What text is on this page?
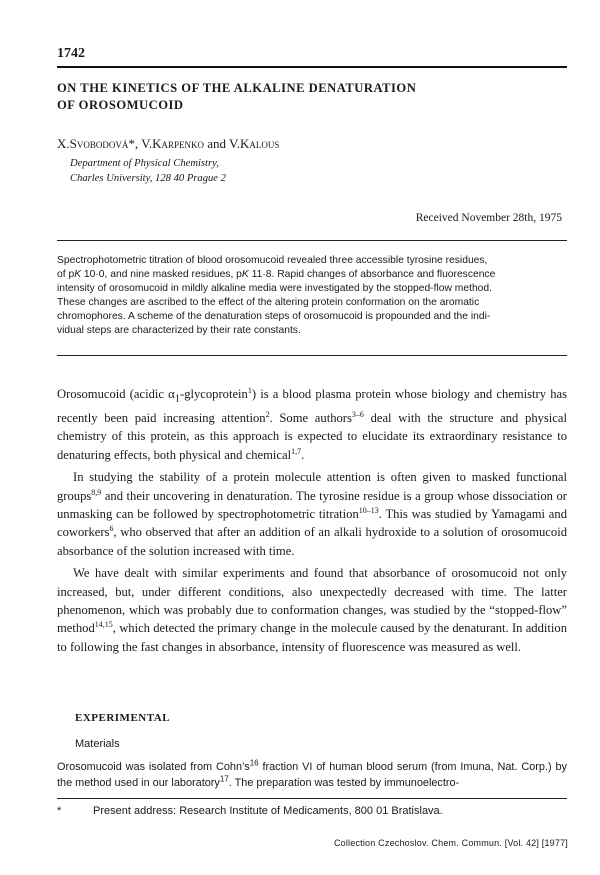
1742
ON THE KINETICS OF THE ALKALINE DENATURATION
OF OROSOMUCOID
X.Svobodová*, V.Karpenko and V.Kalous
Department of Physical Chemistry,
Charles University, 128 40 Prague 2
Received November 28th, 1975
Spectrophotometric titration of blood orosomucoid revealed three accessible tyrosine residues,
of pK 10·0, and nine masked residues, pK 11·8. Rapid changes of absorbance and fluorescence
intensity of orosomucoid in mildly alkaline media were investigated by the stopped-flow method.
These changes are ascribed to the effect of the altering protein conformation on the aromatic
chromophores. A scheme of the denaturation steps of orosomucoid is propounded and the indi-
vidual steps are characterized by their rate constants.

Orosomucoid (acidic $\alpha_1-glycoprotein^1$) is a blood plasma protein whose biology and chemistry has recently been paid increasing attention$^2$. Some authors$^{3-6}$ deal with the structure and physical chemistry of this protein, as this approach is expected to elucidate its extraordinary resistance to denaturing effects, both physical and chemical$^{1,7}$.

In studying the stability of a protein molecule attention is often given to masked functional groups$^{8,9}$ and their uncovering in denaturation. The tyrosine residue is a group whose dissociation or unmasking can be followed by spectrophotometric titration$^{10-13}$. This was studied by Yamagami and coworkers$^6$, who observed that after an addition of an alkali hydroxide to a solution of orosomucoid absorbance of the solution increased with time.

We have dealt with similar experiments and found that absorbance of orosomucoid not only increased, but, under different conditions, also unexpectedly decreased with time. The latter phenomenon, which was probably due to conformation changes, was studied by the “stopped-flow” method$^{14,15}$, which detected the primary change in the molecule caused by the denaturant. In addition to following the fast changes in absorbance, intensity of fluorescence was measured as well.

EXPERIMENTAL
Materials
Orosomucoid was isolated from $Cohn’s^{16}$ fraction VI of human blood serum (from Imuna, Nat. Corp.) by the method used in our laboratory$^{17}$. The preparation was tested by immunoelectro-
*	Present address: Research Institute of Medicaments, 800 01 Bratislava.
Collection Czechoslov. Chem. Commun. [Vol. 42] [1977]
